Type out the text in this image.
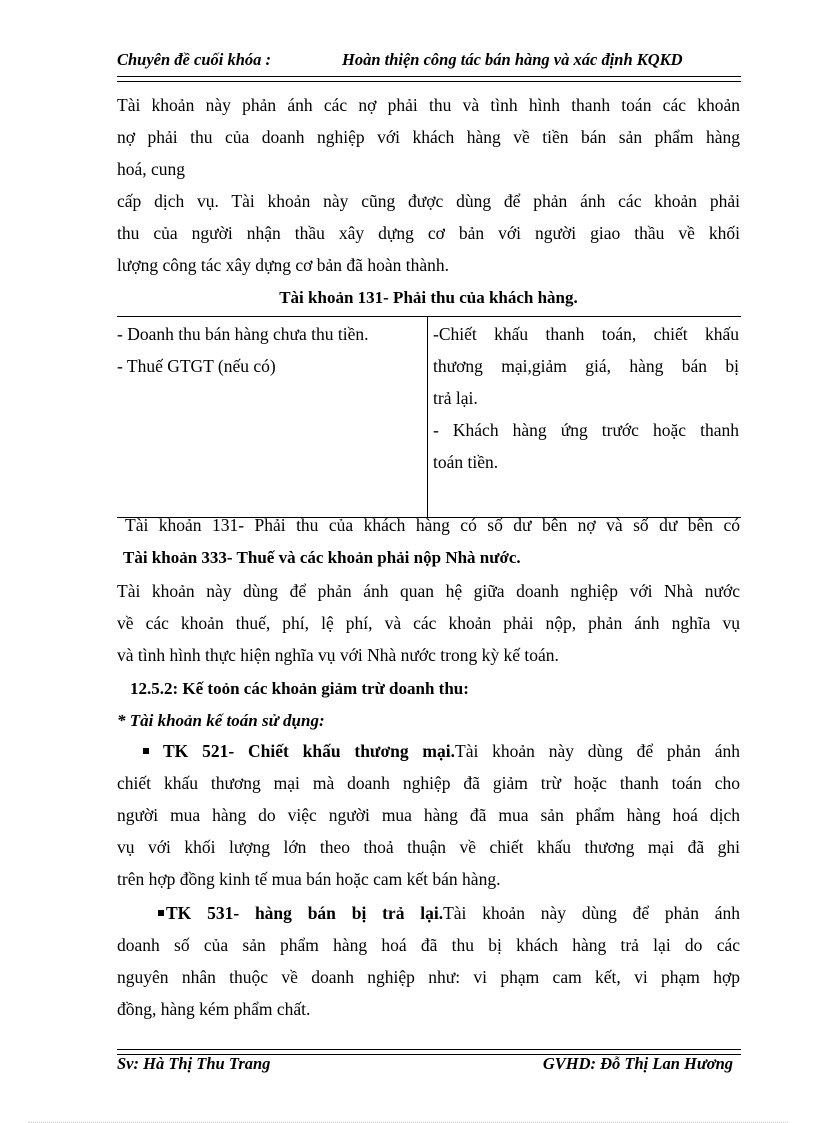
Chuyên đề cuối khóa :	Hoàn thiện công tác bán hàng và xác định KQKD
Tài khoản này phản ánh các nợ phải thu và tình hình thanh toán các khoản
nợ phải thu của doanh nghiệp với khách hàng về tiền bán sản phẩm hàng
hoá, cung
cấp dịch vụ. Tài khoản này cũng được dùng để phản ánh các khoản phải
thu của người nhận thầu xây dựng cơ bản với người giao thầu về khối
lượng công tác xây dựng cơ bản đã hoàn thành.
Tài khoản 131- Phải thu của khách hàng.
- Doanh thu bán hàng chưa thu tiền.
- Thuế GTGT (nếu có)
-Chiết khấu thanh toán, chiết khấu
thương mại,giảm giá, hàng bán bị
trả lại.
- Khách hàng ứng trước hoặc thanh
toán tiền.
Tài khoản 131- Phải thu của khách hàng có số dư bên nợ và số dư bên có
Tài khoản 333- Thuế và các khoản phải nộp Nhà nước.
Tài khoản này dùng để phản ánh quan hệ giữa doanh nghiệp với Nhà nước
về các khoản thuế, phí, lệ phí, và các khoản phải nộp, phản ánh nghĩa vụ
và tình hình thực hiện nghĩa vụ với Nhà nước trong kỳ kế toán.
12.5.2: Kế toỏn các khoản giảm trừ doanh thu:
* Tài khoản kế toán sử dụng:
TK 521- Chiết khấu thương mại.Tài khoản này dùng để phản ánh
chiết khấu thương mại mà doanh nghiệp đã giảm trừ hoặc thanh toán cho
người mua hàng do việc người mua hàng đã mua sản phẩm hàng hoá dịch
vụ với khối lượng lớn theo thoả thuận về chiết khấu thương mại đã ghi
trên hợp đồng kinh tế mua bán hoặc cam kết bán hàng.
TK 531- hàng bán bị trả lại.Tài khoản này dùng để phản ánh
doanh số của sản phẩm hàng hoá đã thu bị khách hàng trả lại do các
nguyên nhân thuộc về doanh nghiệp như: vi phạm cam kết, vi phạm hợp
đồng, hàng kém phẩm chất.
Sv: Hà Thị Thu Trang	GVHD: Đỗ Thị Lan Hương
